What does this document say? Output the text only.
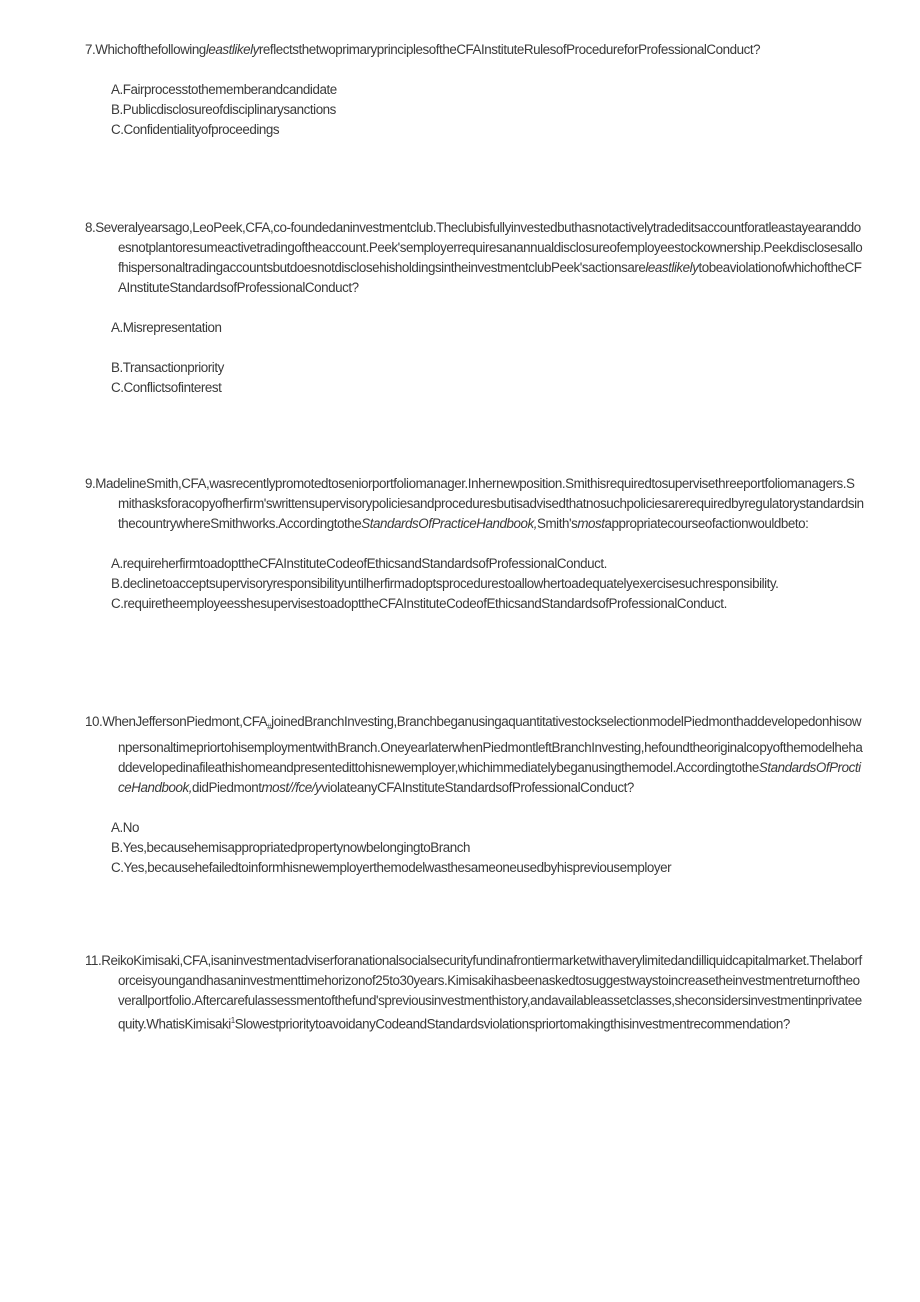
7.WhichofthefollowingleastlikelyreflectsthetwoprimaryprinciplesoftheCFAInstituteRulesofProcedureforProfessionalConduct?
A.Fairprocesstothememberandcandidate
B.Publicdisclosureofdisciplinarysanctions
C.Confidentialityofproceedings
8.Severalyearsago,LeoPeek,CFA,co-foundedaninvestmentclub.Theclubisfullyinvestedbuthasnotactivelytradeditsaccountforatleastayearanddoesnotplantoresumeactivetradingoftheaccount.Peek'semployerrequiresanannualdisclosureofemployeestockownership.PeekdisclosesallofhispersonaltradingaccountsbutdoesnotdisclosehisholdingsintheinvestmentclubPeek'sactionsareleastlikelytobeaviolationofwhichoftheCFAInstituteStandardsofProfessionalConduct?
A.Misrepresentation
B.Transactionpriority
C.Conflictsofinterest
9.MadelineSmith,CFA,wasrecentlypromotedtoseniorportfoliomanager.Inhernewposition.Smithisrequiredtosupervisethreeportfoliomanagers.Smithasksforacopyofherfirm'swrittensupervisorypoliciesandproceduresbutisadvisedthatnosuchpoliciesarerequiredbyregulatorystandardsinthecountrywhereSmithworks.AccordingtotheStandardsOfPracticeHandbook,Smith'smostappropriatecourseofactionwouldbeto:
A.requireherfirmtoadopttheCFAInstituteCodeofEthicsandStandardsofProfessionalConduct.
B.declinetoacceptsupervisoryresponsibilityuntilherfirmadoptsprocedurestoallowhertoadequatelyexercisesuchresponsibility.
C.requiretheemployeesshesupervisestoadopttheCFAInstituteCodeofEthicsandStandardsofProfessionalConduct.
$10.WhenJeffersonPiedmont,CFA_{\#}joinedBranchInvesting,BranchbeganusingaquantitativestockselectionmodelPiedmonthaddevelopedo$nhisownpersonaltimepriortohisemploymentwithBranch.OneyearlaterwhenPiedmontleftBranchInvesting,hefoundtheoriginalcopyofthemodelhehaddevelopedinafileathishomeandpresentedittohisnewemployer,whichimmediatelybeganusingthemodel.AccordingtotheStandardsOfProcticeHandbook,didPiedmontmost//fce/yviolateanyCFAInstituteStandardsofProfessionalConduct?
A.No
B.Yes,becausehemisappropriatedpropertynowbelongingtoBranch
C.Yes,becausehefailedtoinformhisnewemployerthemodelwasthesameoneusedbyhispreviousemployer
11.ReikoKimisaki,CFA,isaninvestmentadviserforanationalsocialsecurityfundinafrontiermarketwithaverylimitedandilliquidcapitalmarket.Thelaborforceisyoungandhasaninvestmenttimehorizonof25to30years.Kimisakihasbeenaskedtosuggestwaystoincreasetheinvestmentreturnoftheoverallportfolio.Aftercarefulassessmentofthefund'spreviousinvestmenthistory,andavailableassetclasses,sheconsidersinvestmentinprivateequity.WhatisKimisaki$^1$SlowestprioritytoavoidanyCodeandStandardsviolationspriortomakingthisinvestmentrecommendation?
